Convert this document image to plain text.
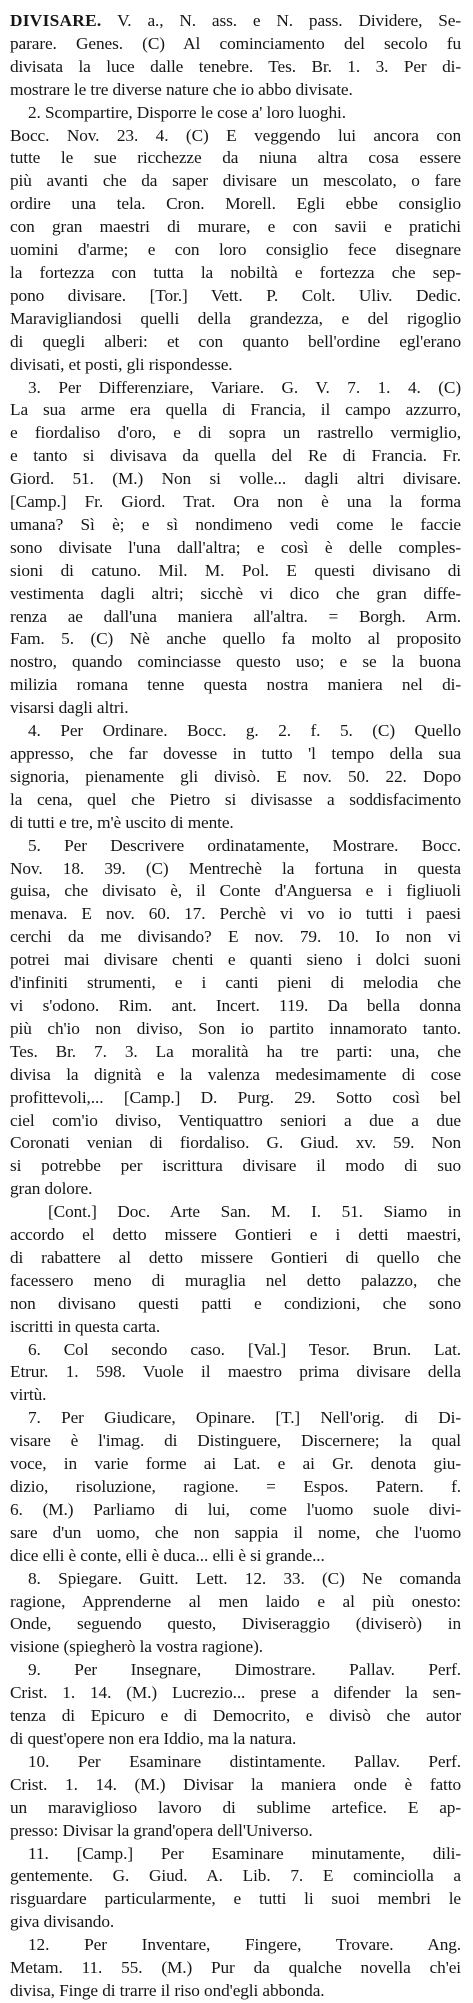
DIVISARE. V. a., N. ass. e N. pass. Dividere, Se-
parare. Genes. (C) Al cominciamento del secolo fu
divisata la luce dalle tenebre. Tes. Br. 1. 3. Per di-
mostrare le tre diverse nature che io abbo divisate.
2. Scompartire, Disporre le cose a' loro luoghi.
Bocc. Nov. 23. 4. (C) E veggendo lui ancora con
tutte le sue ricchezze da niuna altra cosa essere
più avanti che da saper divisare un mescolato, o fare
ordire una tela. Cron. Morell. Egli ebbe consiglio
con gran maestri di murare, e con savii e pratichi
uomini d'arme; e con loro consiglio fece disegnare
la fortezza con tutta la nobiltà e fortezza che sep-
pono divisare. [Tor.] Vett. P. Colt. Uliv. Dedic.
Maravigliandosi quelli della grandezza, e del rigoglio
di quegli alberi: et con quanto bell'ordine egl'erano
divisati, et posti, gli rispondesse.
3. Per Differenziare, Variare. G. V. 7. 1. 4. (C)
La sua arme era quella di Francia, il campo azzurro,
e fiordaliso d'oro, e di sopra un rastrello vermiglio,
e tanto si divisava da quella del Re di Francia. Fr.
Giord. 51. (M.) Non si volle... dagli altri divisare.
[Camp.] Fr. Giord. Trat. Ora non è una la forma
umana? Sì è; e sì nondimeno vedi come le faccie
sono divisate l'una dall'altra; e così è delle comples-
sioni di catuno. Mil. M. Pol. E questi divisano di
vestimenta dagli altri; sicchè vi dico che gran diffe-
renza ae dall'una maniera all'altra. = Borgh. Arm.
Fam. 5. (C) Nè anche quello fa molto al proposito
nostro, quando cominciasse questo uso; e se la buona
milizia romana tenne questa nostra maniera nel di-
visarsi dagli altri.
4. Per Ordinare. Bocc. g. 2. f. 5. (C) Quello
appresso, che far dovesse in tutto 'l tempo della sua
signoria, pienamente gli divisò. E nov. 50. 22. Dopo
la cena, quel che Pietro si divisasse a soddisfacimento
di tutti e tre, m'è uscito di mente.
5. Per Descrivere ordinatamente, Mostrare. Bocc.
Nov. 18. 39. (C) Mentrechè la fortuna in questa
guisa, che divisato è, il Conte d'Anguersa e i figliuoli
menava. E nov. 60. 17. Perchè vi vo io tutti i paesi
cerchi da me divisando? E nov. 79. 10. Io non vi
potrei mai divisare chenti e quanti sieno i dolci suoni
d'infiniti strumenti, e i canti pieni di melodia che
vi s'odono. Rim. ant. Incert. 119. Da bella donna
più ch'io non diviso, Son io partito innamorato tanto.
Tes. Br. 7. 3. La moralità ha tre parti: una, che
divisa la dignità e la valenza medesimamente di cose
profittevoli,... [Camp.] D. Purg. 29. Sotto così bel
ciel com'io diviso, Ventiquattro seniori a due a due
Coronati venian di fiordaliso. G. Giud. xv. 59. Non
si potrebbe per iscrittura divisare il modo di suo
gran dolore.
[Cont.] Doc. Arte San. M. I. 51. Siamo in
accordo el detto missere Gontieri e i detti maestri,
di rabattere al detto missere Gontieri di quello che
facessero meno di muraglia nel detto palazzo, che
non divisano questi patti e condizioni, che sono
iscritti in questa carta.
6. Col secondo caso. [Val.] Tesor. Brun. Lat.
Etrur. 1. 598. Vuole il maestro prima divisare della
virtù.
7. Per Giudicare, Opinare. [T.] Nell'orig. di Di-
visare è l'imag. di Distinguere, Discernere; la qual
voce, in varie forme ai Lat. e ai Gr. denota giu-
dizio, risoluzione, ragione. = Espos. Patern. f.
6. (M.) Parliamo di lui, come l'uomo suole divi-
sare d'un uomo, che non sappia il nome, che l'uomo
dice elli è conte, elli è duca... elli è si grande...
8. Spiegare. Guitt. Lett. 12. 33. (C) Ne comanda
ragione, Apprenderne al men laido e al più onesto:
Onde, seguendo questo, Diviseraggio (diviserò) in
visione (spiegherò la vostra ragione).
9. Per Insegnare, Dimostrare. Pallav. Perf.
Crist. 1. 14. (M.) Lucrezio... prese a difender la sen-
tenza di Epicuro e di Democrito, e divisò che autor
di quest'opere non era Iddio, ma la natura.
10. Per Esaminare distintamente. Pallav. Perf.
Crist. 1. 14. (M.) Divisar la maniera onde è fatto
un maraviglioso lavoro di sublime artefice. E ap-
presso: Divisar la grand'opera dell'Universo.
11. [Camp.] Per Esaminare minutamente, dili-
gentemente. G. Giud. A. Lib. 7. E cominciolla a
risguardare particularmente, e tutti li suoi membri le
giva divisando.
12. Per Inventare, Fingere, Trovare. Ang.
Metam. 11. 55. (M.) Pur da qualche novella ch'ei
divisa, Finge di trarre il riso ond'egli abbonda.
